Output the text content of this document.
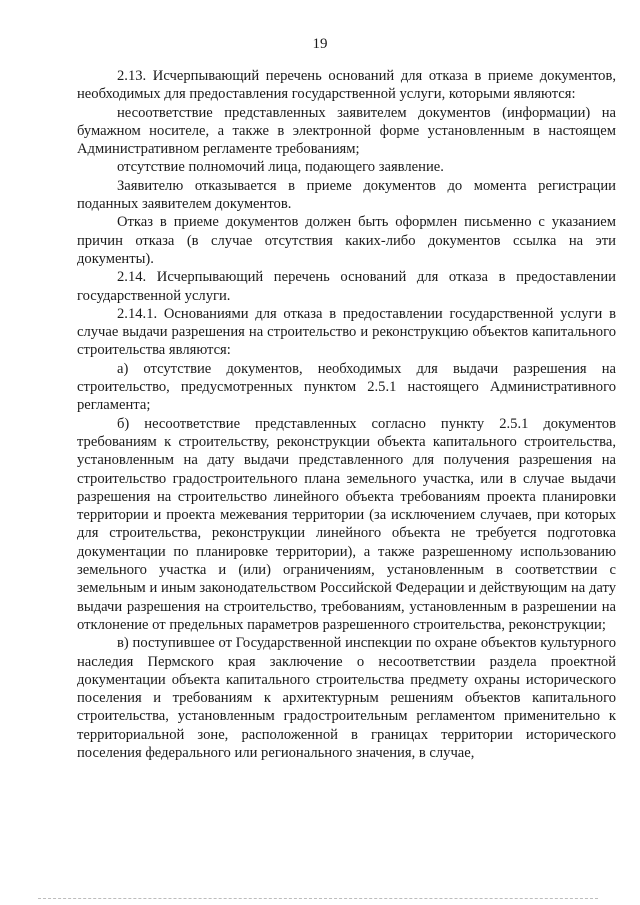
19

2.13. Исчерпывающий перечень оснований для отказа в приеме документов, необходимых для предоставления государственной услуги, которыми являются:

несоответствие представленных заявителем документов (информации) на бумажном носителе, а также в электронной форме установленным в настоящем Административном регламенте требованиям;

отсутствие полномочий лица, подающего заявление.

Заявителю отказывается в приеме документов до момента регистрации поданных заявителем документов.

Отказ в приеме документов должен быть оформлен письменно с указанием причин отказа (в случае отсутствия каких-либо документов ссылка на эти документы).

2.14. Исчерпывающий перечень оснований для отказа в предоставлении государственной услуги.

2.14.1. Основаниями для отказа в предоставлении государственной услуги в случае выдачи разрешения на строительство и реконструкцию объектов капитального строительства являются:

а) отсутствие документов, необходимых для выдачи разрешения на строительство, предусмотренных пунктом 2.5.1 настоящего Административного регламента;

б) несоответствие представленных согласно пункту 2.5.1 документов требованиям к строительству, реконструкции объекта капитального строительства, установленным на дату выдачи представленного для получения разрешения на строительство градостроительного плана земельного участка, или в случае выдачи разрешения на строительство линейного объекта требованиям проекта планировки территории и проекта межевания территории (за исключением случаев, при которых для строительства, реконструкции линейного объекта не требуется подготовка документации по планировке территории), а также разрешенному использованию земельного участка и (или) ограничениям, установленным в соответствии с земельным и иным законодательством Российской Федерации и действующим на дату выдачи разрешения на строительство, требованиям, установленным в разрешении на отклонение от предельных параметров разрешенного строительства, реконструкции;

в) поступившее от Государственной инспекции по охране объектов культурного наследия Пермского края заключение о несоответствии раздела проектной документации объекта капитального строительства предмету охраны исторического поселения и требованиям к архитектурным решениям объектов капитального строительства, установленным градостроительным регламентом применительно к территориальной зоне, расположенной в границах территории исторического поселения федерального или регионального значения, в случае,
